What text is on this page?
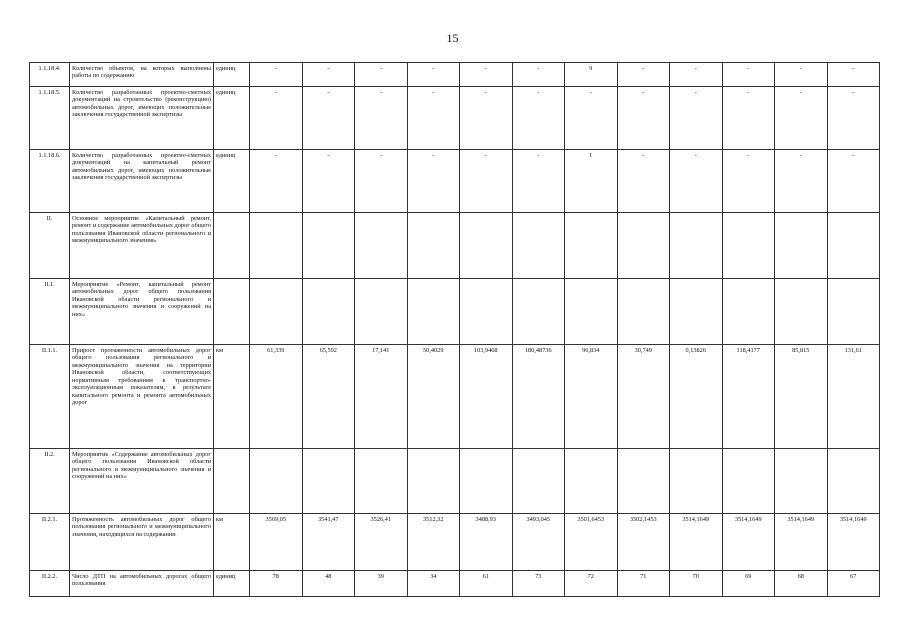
15
1.1.18.4.	Количество объектов, на которых выполнены работы по содержанию	единиц	-	-	-	-	-	-	9	-	-	-	-	-
1.1.18.5.	Количество разработанных проектно-сметных документаций на строительство (реконструкцию) автомобильных дорог, имеющих положительные заключения государственной экспертизы	единиц	-	-	-	-	-	-	-	-	-	-	-	-
1.1.18.6.	Количество разработанных проектно-сметных документаций на капитальный ремонт автомобильных дорог, имеющих положительные заключения государственной экспертизы	единиц	-	-	-	-	-	-	1	-	-	-	-	-
II.	Основное мероприятие «Капитальный ремонт, ремонт и содержание автомобильных дорог общего пользования Ивановской области регионального и межмуниципального значения»													
II.1.	Мероприятие «Ремонт, капитальный ремонт автомобильных дорог общего пользования Ивановской области регионального и межмуниципального значения и сооружений на них»													
II.1.1.	Прирост протяженности автомобильных дорог общего пользования регионального и межмуниципального значения на территории Ивановской области, соответствующих нормативным требованиям к транспортно-эксплуатационным показателям, в результате капитального ремонта и ремонта автомобильных дорог	км	61,339	65,592	17,141	50,4029	103,9468	180,48736	96,834	30,749	0,13826	118,4177	85,815	131,61
II.2.	Мероприятие «Содержание автомобильных дорог общего пользования Ивановской области регионального и межмуниципального значения и сооружений на них»													
II.2.1.	Протяженность автомобильных дорог общего пользования регионального и межмуниципального значения, находящихся на содержании	км	3569,05	3541,47	3526,41	3512,32	3488,93	3493,045	3501,6453	3502,1453	3514,1649	3514,1649	3514,1649	3514,1649
II.2.2.	Число ДТП на автомобильных дорогах общего пользования	единиц	78	48	39	34	61	73	72	71	70	69	68	67
